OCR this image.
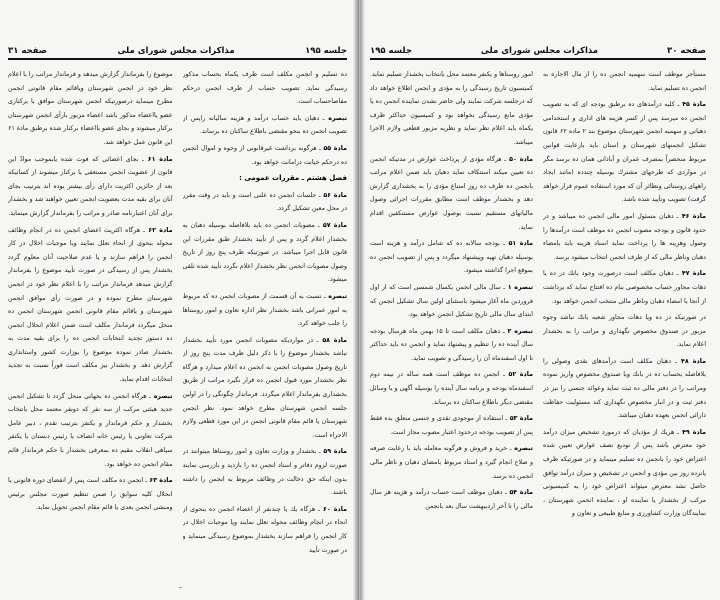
جلسه ۱۹۵
مذاکرات مجلس شورای ملی
صفحه ۳۱

ده تسلیم و انجمن مکلف است ظرف یکماه بحساب مذکور رسیدگی نماید. تصویب حساب از طرف انجمن درحکم مفاصاحساب است.

تبصره ـ دهبان باید حساب درآمد و هزینه سالیانه راپس از تصویب انجمن ده بنحو مقتضی باطلاع ساکنان ده برساند.

مادة ۵۵ ـ هرگونه برداشت غیرقانونی از وجوه و اموال انجمن ده درحکم خیانت درامانت خواهد بود.

فصل هشتم ـ مقررات عمومی :

مادة ۵۶ ـ جلسات انجمن ده علنی است و باید در وقت مقرر در محل معین تشکیل گردد.

مادة ۵۷ ـ مصوبات انجمن ده باید بلافاصله بوسیله دهبان به بخشدار اعلام گردد و پس از تأیید بخشدار طبق مقررات این قانون قابل اجرا میباشد. در صورتیکه ظرف پنج روز از تاریخ وصول مصوبات انجمن نظر بخشدار اعلام نگردد تأیید شده تلقی میشود.

تبصره ـ نسبت به آن قسمت از مصوبات انجمن ده که مربوط به امور عمرانی باشد بخشدار نظر اداره تعاون و امور روستاها را جلب خواهد کرد.

مادة ۵۸ ـ در مواردیکه مصوبات انجمن مورد تأیید بخشدار نباشد بخشدار موضوع را با ذکر دلیل ظرف مدت پنج روز از تاریخ وصول مصوبات انجمن به انجمن ده اعلام میدارد و هرگاه نظر بخشدار مورد قبول انجمن ده قرار نگیرد مراتب از طریق بخشداری بفرماندار اعلام میگردد. فرماندار چگونگی را در اولین جلسه انجمن شهرستان مطرح خواهد نمود. نظر انجمن شهرستان یا قائم مقام قانونی انجمن در این مورد قطعی ولازم الاجراء است.

مادة ۵۹ ـ بخشدار و وزارت تعاون و امور روستاها میتوانند در صورت لزوم دفاتر و اسناد انجمن ده را بازدید و بازرسی نمایند بدون اینکه حق دخالت در وظائف مربوط به انجمن را داشته باشند.

مادة ۶۰ ـ هرگاه یك یا چندنفر از اعضاء انجمن ده بنحوی از انحاء در انجام وظائف محوله تعلل نمایند ویا موجبات اخلال در کار انجمن را فراهم سازند بخشدار بموضوع رسیدگی مینماید و در صورت تأیید

موضوع را بفرماندار گزارش میدهد و فرماندار مراتب را با اعلام نظر خود در انجمن شهرستان ویاقائم مقام قانونی انجمن مطرح مینماید درصورتیکه انجمن شهرستان موافق با برکناری عضو یااعضاء مذکور باشد اعضاء مزبور بارأی انجمن شهرستان برکنار میشوند و بجای عضو یااعضاء برکنار شده برطبق مادة ۶۱ این قانون عمل خواهد شد.

مادة ۶۱ ـ بجای اعضائی که فوت شده یابموجب موادّ این قانون از عضویت انجمن مستعفی یا برکنار میشوند از کسانیکه بعد از حائزین اکثریت دارای رأی بیشتر بوده اند بترتیب بجای آنان برای بقیه مدت بعضویت انجمن تعیین خواهند شد و بخشدار برای آنان اعتبارنامه صادر و مراتب را بفرماندار گزارش مینماید.

مادة ۶۲ ـ هرگاه اکثریت اعضای انجمن ده در انجام وظائف محوله بنحوی از انحاء تعلل نمایند ویا موجبات اخلال در کار انجمن را فراهم سازند و یا عدم صلاحیت آنان معلوم گردد بخشدار پس از رسیدگی در صورت تأیید موضوع را بفرماندار گزارش میدهد فرماندار مراتب را با اعلام نظر خود در انجمن شهرستان مطرح نموده و در صورت رأی موافق انجمن شهرستان و یاقائم مقام قانونی انجمن شهرستان انجمن ده منحل میگردد فرماندار مکلف است ضمن اعلام انحلال انجمن ده دستور تجدید انتخابات انجمن ده را برای بقیه مدت به بخشدار صادر نموده موضوع را بوزارت کشور واستانداری گزارش دهد. و بخشدار نیز مکلف است فوراً نسبت به تجدید انتخابات اقدام نماید.

تبصره ـ هرگاه انجمن ده بجهاتی منحل گردد تا تشکیل انجمن جدید هیئتی مرکب از سه نفر که دونفر معتمد محل بانتخاب بخشدار و حکم فرماندار و یکنفر بترتیب تقدم ، دبیر عامل شرکت تعاونی یا رئیس خانه انصاف یا رئیس دبستان یا یکنفر سپاهی انقلاب مقیم ده بمعرفی بخشدار با حکم فرماندار قائم مقام انجمن ده خواهد بود.

مادة ۶۳ ـ انجمن ده مکلف است پس از انقضای دوره قانونی یا انحلال کلیه سوابق را ضمن تنظیم صورت مجلس برئیس ومنشی انجمن بعدی یا قائم مقام انجمن تحویل نماید.

ـ
صفحه ۳۰
مذاکرات مجلس شورای ملی
جلسه ۱۹۵

مستأجر موظف است سهمیه انجمن ده را از مال الاجاره به انجمن ده تسلیم نماید.

مادة ۴۵ ـ کلیه درآمدهای ده برطبق بودجه ای که به تصویب انجمن ده میرسد پس از کسر هزینه های اداری و استخدامی دهبانی و سهمیه انجمن شهرستان موضوع بند ۲ ماده ۶۲ قانون تشکیل انجمنهای شهرستان و استان باید بارعایت قوانین مربوط منحصراً بمصرف عمران و آبادانی همان ده برسد مگر در مواردی که طرحهای مشترك بوسیله چندده (مانند ایجاد راههای روستائی ونظائر آن که مورد استفاده عموم قرار خواهد گرفت) تصویب وتأیید شده باشد.

مادة ۴۶ ـ دهبان مسئول امور مالی انجمن ده میباشد و در حدود قانون و بودجه مصوب انجمن ده موظف است درآمدها را وصول وهزینه ها را پرداخت نماید اسناد هزینه باید بامضاء دهبان وناظر مالی که از طرف انجمن انتخاب میشود برسد.

مادة ۴۷ ـ دهبان مکلف است درصورت وجود بانك در ده یا دهات مجاور حساب مخصوصی بنام ده افتتاح نماید که برداشت از آنجا با امضاء دهبان وناظر مالی منتخب انجمن خواهد بود.

در صورتیکه در ده ویا دهات مجاور شعبه بانك نباشد وجوه مزبور در صندوق مخصوص نگهداری و مراتب را به بخشدار اعلام نماید.

مادة ۴۸ ـ دهبان مکلف است درآمدهای نقدی وصولی را بلافاصله بحساب ده در بانك ویا صندوق مخصوص واریز نموده ومراتب را در دفتر مالی ده ثبت نماید وعوائد جنسی را نیز در دفتر ثبت و در انبار مخصوص نگهداری کند مسئولیت حفاظت دارائی انجمن بعهده دهبان میباشد.

مادة ۴۹ ـ هریك از مؤدیان که درمورد تشخیص میزان درآمد خود معترض باشد پس از تودیع نصف عوارض تعیین شده اعتراض خود را بانجمن ده تسلیم مینماید و در صورتیکه ظرف پانزده روز بین مؤدی و انجمن در تشخیص و میزان درآمد توافق حاصل نشد معترض میتواند اعتراض خود را به کمیسیونی مرکب از بخشدار یا نماینده او ، نماینده انجمن شهرستان ، نمایندگان وزارت کشاورزی و منابع طبیعی و تعاون و

امور روستاها و یکنفر معتمد محل بانتخاب بخشدار تسلیم نماید. کمیسیون تاریخ رسیدگی را به مؤدی و انجمن اطلاع خواهد داد که درجلسه شرکت نمایند ولی حاضر نشدن نماینده انجمن ده یا مؤدی مانع رسیدگی نخواهد بود و کمیسیون حداکثر ظرف یکماه باید اعلام نظر نماید و نظریه مزبور قطعی ولازم الاجرا میباشد.

مادة ۵۰ ـ هرگاه مؤدی از پرداخت عوارض در مدتیکه انجمن ده تعیین میکند استنکاف نماید دهبان باید ضمن اعلام مراتب بانجمن ده ظرف ده روز امتناع مؤدی را به بخشداری گزارش دهد و بخشدار موظف است مطابق مقررات اجرائی وصول مالیاتهای مستقیم نسبت بوصول عوارض مستنکفین اقدام نماید.

مادة ۵۱ ـ بودجه سالانه ده که شامل درآمد و هزینه است بوسیله دهبان تهیه وپیشنهاد میگردد و پس از تصویب انجمن ده بموقع اجرا گذاشته میشود.

تبصره ۱ ـ سال مالی انجمن یکسال شمسی است که از اول فروردین ماه آغاز میشود باستثنای اولین سال تشکیل انجمن که ابتدای سال مالی تاریخ تشکیل انجمن خواهد بود.

تبصره ۲ ـ دهبان مکلف است تا ۱۵ بهمن ماه هرسال بودجه سال آینده ده را تنظیم و پیشنهاد نماید و انجمن ده باید حداکثر تا اول اسفندماه آن را رسیدگی و تصویب نماید.

مادة ۵۲ ـ انجمن ده موظف است همه ساله در نیمه دوم اسفندماه بودجه و برنامه سال آینده را بوسیله آگهی و یا وسائل مقتضی دیگر باطلاع ساکنان ده برساند.

مادة ۵۳ ـ استفاده از موجودی نقدی و جنسی متعلق بده فقط پس از تصویب بودجه درحدود اعتبار مصوب مجاز است.

تبصره ـ خرید و فروش و هرگونه معامله باید با رعایت صرفه و صلاح انجام گیرد و اسناد مربوط بامضای دهبان و ناظر مالی انجمن ده برسد.

مادة ۵۴ ـ دهبان موظف است حساب درآمد و هزینه هر سال مالی را تا آخر اردیبهشت سال بعد بانجمن
